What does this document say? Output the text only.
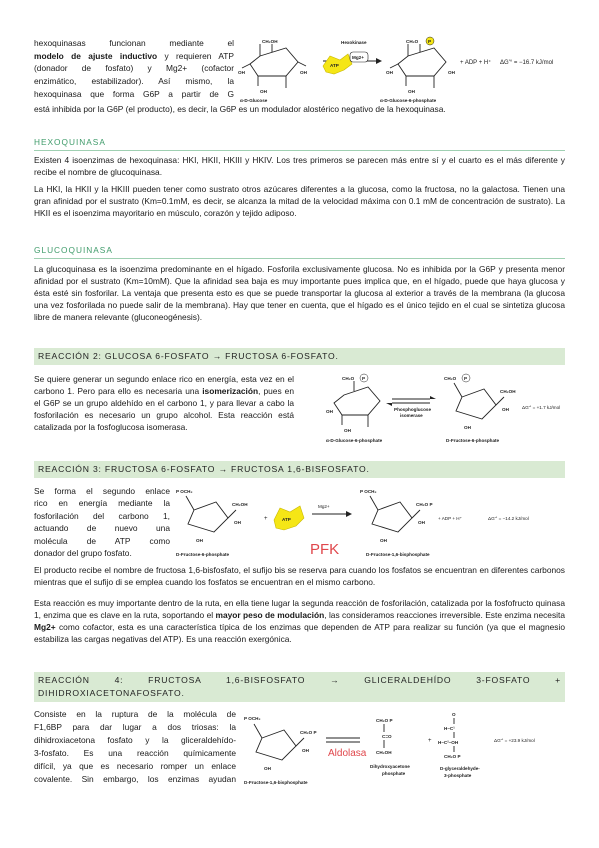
hexoquinasas funcionan mediante el
modelo de ajuste inductivo y requieren ATP
(donador de fosfato) y Mg2+ (cofactor
enzimático, estabilizador). Así mismo, la
hexoquinasa que forma G6P a partir de G
está inhibida por la G6P (el producto), es decir, la G6P es un modulador alostérico negativo de la hexoquinasa.
CH₂OH
OH
OH	OH
α-D-Glucose
Hexokinase
ATP
Mg2+
CH₂O P
OH
OH	OH
α-D-Glucose-6-phosphate
+ ADP + H⁺ ΔG'° = −16.7 kJ/mol
HEXOQUINASA
Existen 4 isoenzimas de hexoquinasa: HKI, HKII, HKIII y HKIV. Los tres primeros se parecen más entre sí y el cuarto es el más diferente y recibe el nombre de glucoquinasa.
La HKI, la HKII y la HKIII pueden tener como sustrato otros azúcares diferentes a la glucosa, como la fructosa, no la galactosa. Tienen una gran afinidad por el sustrato (Km=0.1mM, es decir, se alcanza la mitad de la velocidad máxima con 0.1 mM de concentración de sustrato). La HKII es el isoenzima mayoritario en músculo, corazón y tejido adiposo.
GLUCOQUINASA
La glucoquinasa es la isoenzima predominante en el hígado. Fosforila exclusivamente glucosa. No es inhibida por la G6P y presenta menor afinidad por el sustrato (Km=10mM). Que la afinidad sea baja es muy importante pues implica que, en el hígado, puede que haya glucosa y ésta esté sin fosforilar. La ventaja que presenta esto es que se puede transportar la glucosa al exterior a través de la membrana (la glucosa una vez fosforilada no puede salir de la membrana). Hay que tener en cuenta, que el hígado es el único tejido en el cual se sintetiza glucosa libre de manera relevante (gluconeogénesis).
REACCIÓN 2: GLUCOSA 6-FOSFATO → FRUCTOSA 6-FOSFATO.
Se quiere generar un segundo enlace rico en energía, esta vez en el carbono 1. Pero para ello es necesaria una isomerización, pues en el G6P se un grupo aldehído en el carbono 1, y para llevar a cabo la fosforilación es necesario un grupo alcohol. Esta reacción está catalizada por la fosfoglucosa isomerasa.
CH₂O P
OH
OH
α-D-Glucose-6-phosphate
Phosphoglucose
isomerase
CH₂O P
CH₂OH
OH
OH
D-Fructose-6-phosphate
ΔG'° = +1.7 kJ/mol
REACCIÓN 3: FRUCTOSA 6-FOSFATO → FRUCTOSA 1,6-BISFOSFATO.
Se forma el segundo enlace
rico en energía mediante la
fosforilación del carbono 1,
actuando de nuevo una
molécula de ATP como
donador del grupo fosfato.
P OCH₂
CH₂OH
OH
OH
D-Fructose-6-phosphate
+	ATP
Mg2+
PFK
P OCH₂
CH₂O P
OH
OH
D-Fructose-1,6-bisphosphate
+ ADP + H⁺	ΔG'° = −14.2 kJ/mol
El producto recibe el nombre de fructosa 1,6-bisfosfato, el sufijo bis se reserva para cuando los fosfatos se encuentran en diferentes carbonos mientras que el sufijo di se emplea cuando los fosfatos se encuentran en el mismo carbono.
Esta reacción es muy importante dentro de la ruta, en ella tiene lugar la segunda reacción de fosforilación, catalizada por la fosfofructo quinasa 1, enzima que es clave en la ruta, soportando el mayor peso de modulación, las consideramos reacciones irreversible. Este enzima necesita Mg2+ como cofactor, esta es una característica típica de los enzimas que dependen de ATP para realizar su función (ya que el magnesio estabiliza las cargas negativas del ATP). Es una reacción exergónica.
REACCIÓN 4: FRUCTOSA 1,6-BISFOSFATO → GLICERALDEHÍDO 3-FOSFATO +
DIHIDROXIACETONAFOSFATO.
Consiste en la ruptura de la molécula de
F1,6BP para dar lugar a dos triosas: la
dihidroxiacetona fosfato y la gliceraldehído-
3-fosfato. Es una reacción químicamente
difícil, ya que es necesario romper un enlace
covalente. Sin embargo, los enzimas ayudan
P OCH₂
CH₂O P
OH
OH
D-Fructose-1,6-bisphosphate
Aldolasa
CH₂O P
C=O
CH₂OH
Dihydroxyacetone
phosphate
+
O
H–C¹
H–C²–OH
CH₂O P
D-glyceraldehyde-
3-phosphate
ΔG'° = +23.9 kJ/mol
